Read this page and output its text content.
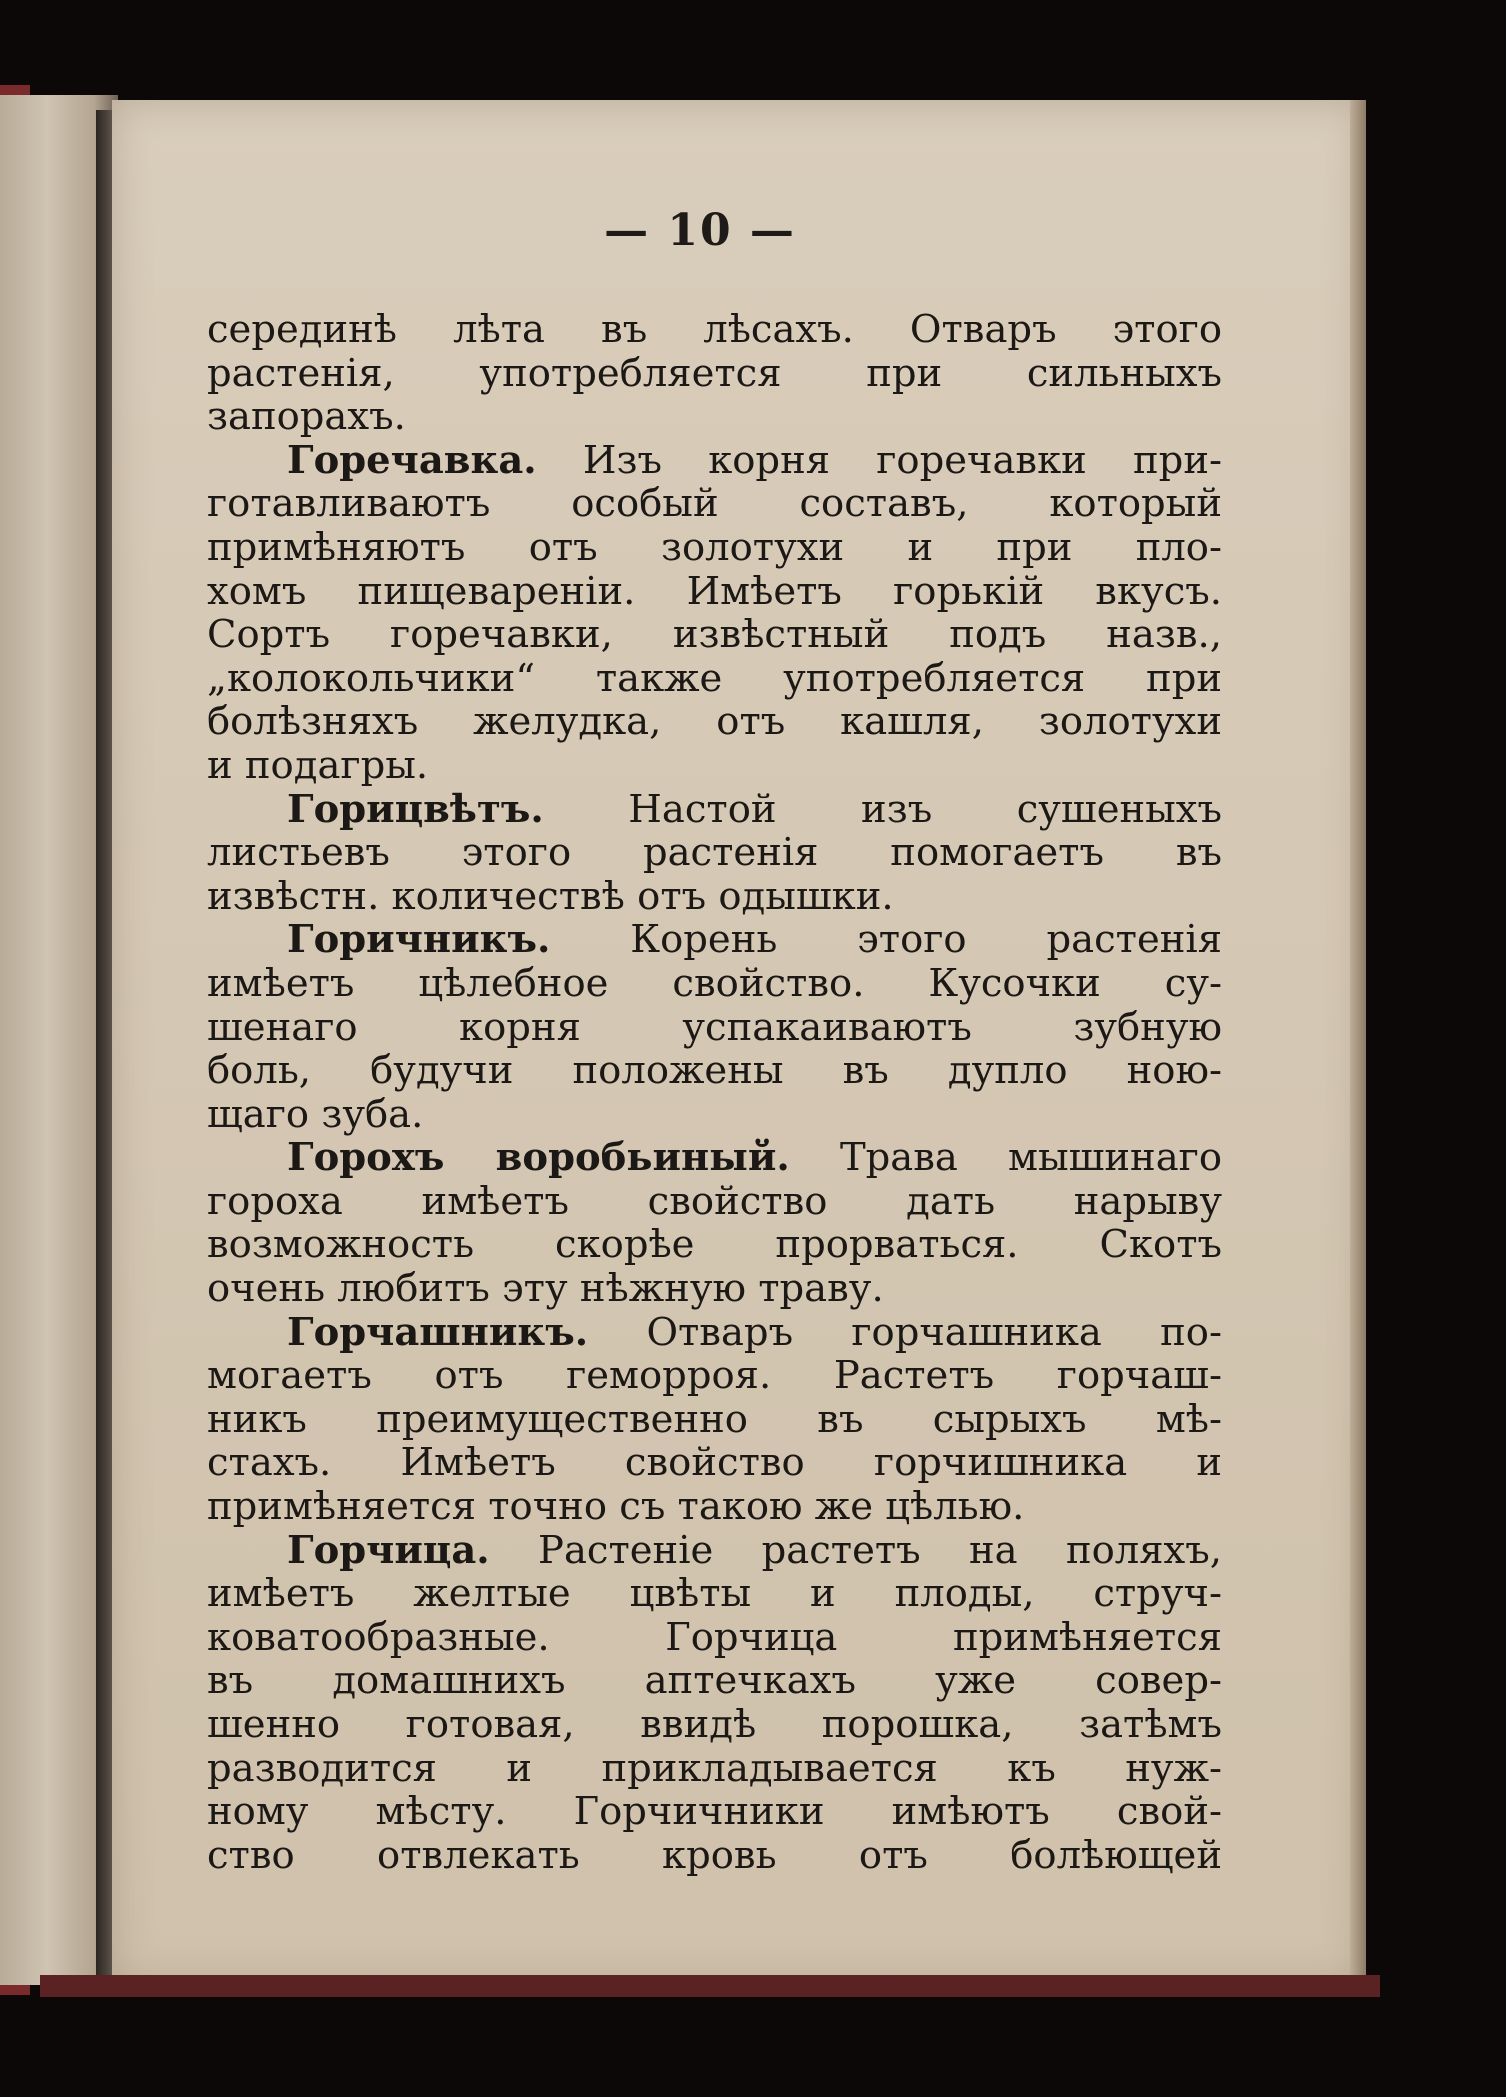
— 10 —
серединѣ лѣта въ лѣсахъ. Отваръ этого
растенія, употребляется при сильныхъ
запорахъ.
Горечавка. Изъ корня горечавки при-
готавливаютъ особый составъ, который
примѣняютъ отъ золотухи и при пло-
хомъ пищевареніи. Имѣетъ горькій вкусъ.
Сортъ горечавки, извѣстный подъ назв.,
„колокольчики“ также употребляется при
болѣзняхъ желудка, отъ кашля, золотухи
и подагры.
Горицвѣтъ. Настой изъ сушеныхъ
листьевъ этого растенія помогаетъ въ
извѣстн. количествѣ отъ одышки.
Горичникъ. Корень этого растенія
имѣетъ цѣлебное свойство. Кусочки су-
шенаго корня успакаиваютъ зубную
боль, будучи положены въ дупло ною-
щаго зуба.
Горохъ воробьиный. Трава мышинаго
гороха имѣетъ свойство дать нарыву
возможность скорѣе прорваться. Скотъ
очень любитъ эту нѣжную траву.
Горчашникъ. Отваръ горчашника по-
могаетъ отъ геморроя. Растетъ горчаш-
никъ преимущественно въ сырыхъ мѣ-
стахъ. Имѣетъ свойство горчишника и
примѣняется точно съ такою же цѣлью.
Горчица. Растеніе растетъ на поляхъ,
имѣетъ желтые цвѣты и плоды, струч-
коватообразные. Горчица примѣняется
въ домашнихъ аптечкахъ уже совер-
шенно готовая, ввидѣ порошка, затѣмъ
разводится и прикладывается къ нуж-
ному мѣсту. Горчичники имѣютъ свой-
ство отвлекать кровь отъ болѣющей
